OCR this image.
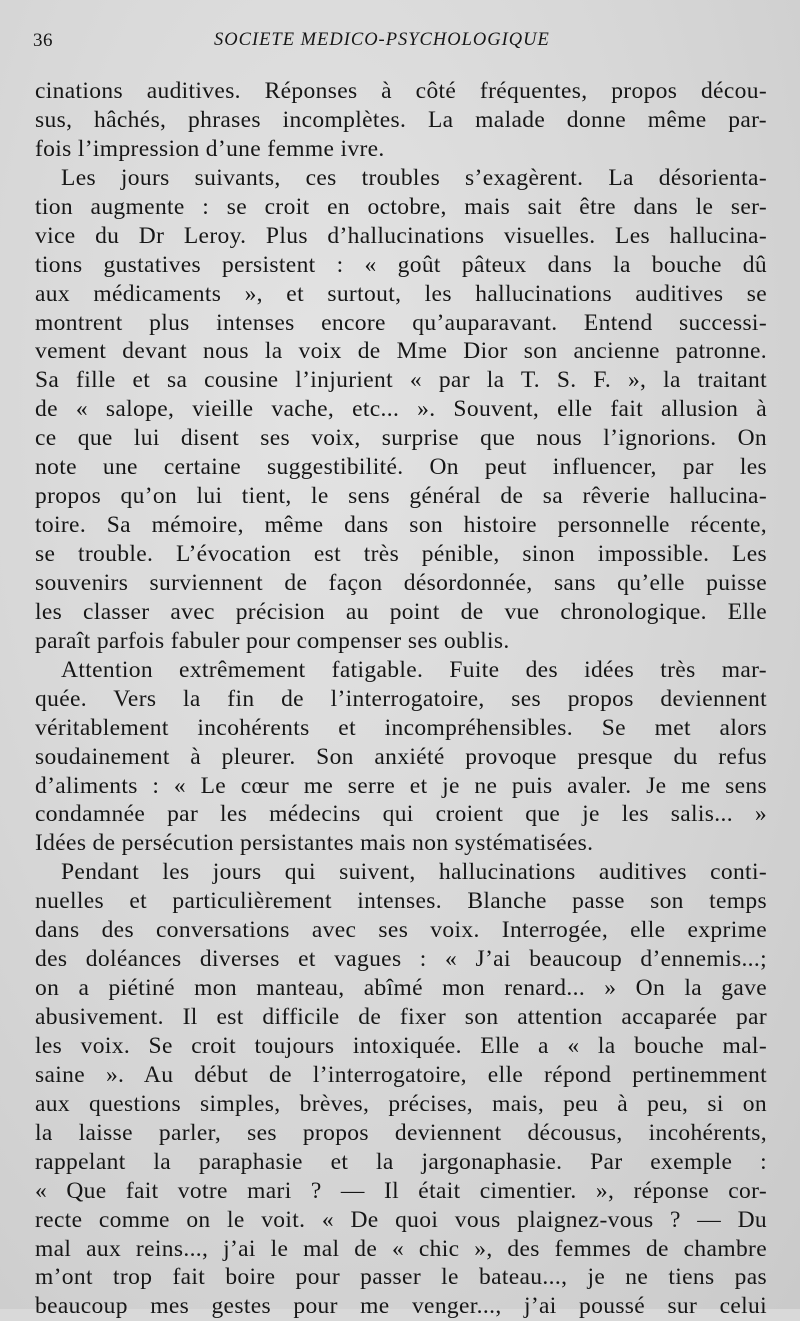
36	SOCIETE MEDICO-PSYCHOLOGIQUE
cinations auditives. Réponses à côté fréquentes, propos décou-
sus, hâchés, phrases incomplètes. La malade donne même par-
fois l’impression d’une femme ivre.
Les jours suivants, ces troubles s’exagèrent. La désorienta-
tion augmente : se croit en octobre, mais sait être dans le ser-
vice du Dr Leroy. Plus d’hallucinations visuelles. Les hallucina-
tions gustatives persistent : « goût pâteux dans la bouche dû
aux médicaments », et surtout, les hallucinations auditives se
montrent plus intenses encore qu’auparavant. Entend successi-
vement devant nous la voix de Mme Dior son ancienne patronne.
Sa fille et sa cousine l’injurient « par la T. S. F. », la traitant
de « salope, vieille vache, etc... ». Souvent, elle fait allusion à
ce que lui disent ses voix, surprise que nous l’ignorions. On
note une certaine suggestibilité. On peut influencer, par les
propos qu’on lui tient, le sens général de sa rêverie hallucina-
toire. Sa mémoire, même dans son histoire personnelle récente,
se trouble. L’évocation est très pénible, sinon impossible. Les
souvenirs surviennent de façon désordonnée, sans qu’elle puisse
les classer avec précision au point de vue chronologique. Elle
paraît parfois fabuler pour compenser ses oublis.
Attention extrêmement fatigable. Fuite des idées très mar-
quée. Vers la fin de l’interrogatoire, ses propos deviennent
véritablement incohérents et incompréhensibles. Se met alors
soudainement à pleurer. Son anxiété provoque presque du refus
d’aliments : « Le cœur me serre et je ne puis avaler. Je me sens
condamnée par les médecins qui croient que je les salis... »
Idées de persécution persistantes mais non systématisées.
Pendant les jours qui suivent, hallucinations auditives conti-
nuelles et particulièrement intenses. Blanche passe son temps
dans des conversations avec ses voix. Interrogée, elle exprime
des doléances diverses et vagues : « J’ai beaucoup d’ennemis...;
on a piétiné mon manteau, abîmé mon renard... » On la gave
abusivement. Il est difficile de fixer son attention accaparée par
les voix. Se croit toujours intoxiquée. Elle a « la bouche mal-
saine ». Au début de l’interrogatoire, elle répond pertinemment
aux questions simples, brèves, précises, mais, peu à peu, si on
la laisse parler, ses propos deviennent décousus, incohérents,
rappelant la paraphasie et la jargonaphasie. Par exemple :
« Que fait votre mari ? — Il était cimentier. », réponse cor-
recte comme on le voit. « De quoi vous plaignez-vous ? — Du
mal aux reins..., j’ai le mal de « chic », des femmes de chambre
m’ont trop fait boire pour passer le bateau..., je ne tiens pas
beaucoup mes gestes pour me venger..., j’ai poussé sur celui
